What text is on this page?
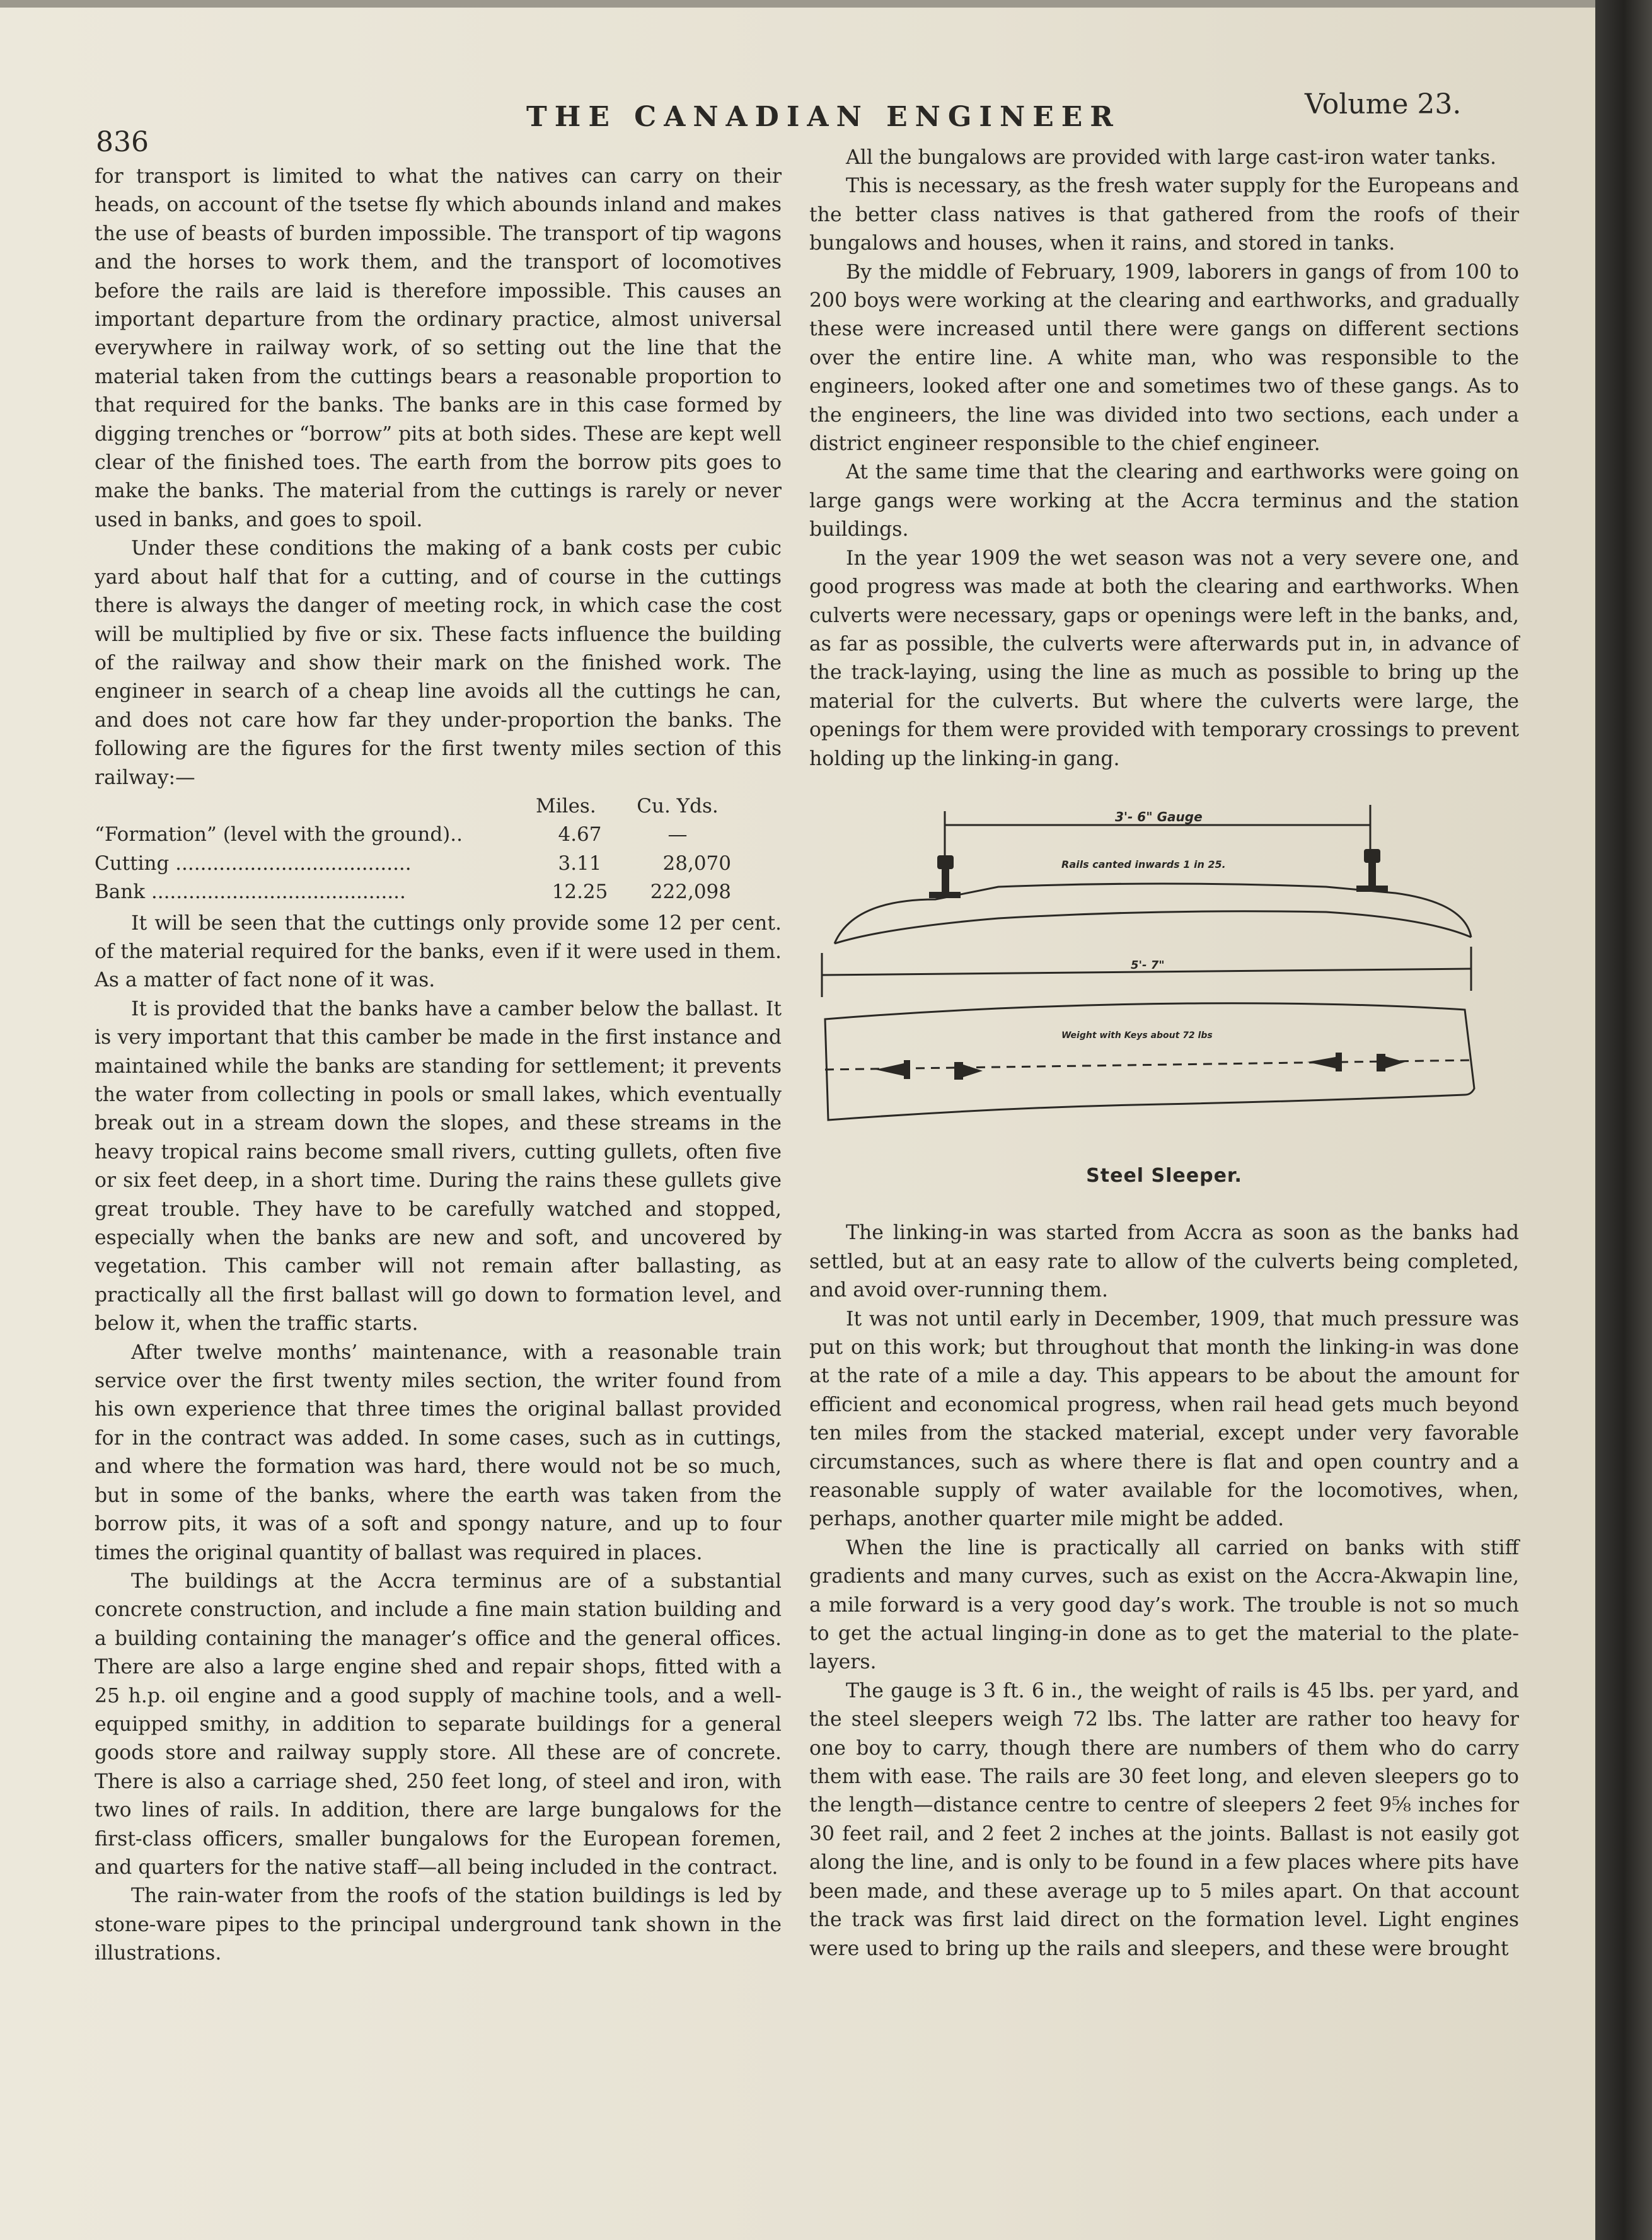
836
THE CANADIAN ENGINEER	Volume 23.

for transport is limited to what the natives can carry on their heads, on account of the tsetse fly which abounds inland and makes the use of beasts of burden impossible. The transport of tip wagons and the horses to work them, and the transport of locomotives before the rails are laid is therefore impossible. This causes an important departure from the ordinary practice, almost universal everywhere in railway work, of so setting out the line that the material taken from the cuttings bears a reasonable proportion to that required for the banks. The banks are in this case formed by digging trenches or “borrow” pits at both sides. These are kept well clear of the finished toes. The earth from the borrow pits goes to make the banks. The material from the cuttings is rarely or never used in banks, and goes to spoil.

Under these conditions the making of a bank costs per cubic yard about half that for a cutting, and of course in the cuttings there is always the danger of meeting rock, in which case the cost will be multiplied by five or six. These facts influence the building of the railway and show their mark on the finished work. The engineer in search of a cheap line avoids all the cuttings he can, and does not care how far they under-proportion the banks. The following are the figures for the first twenty miles section of this railway:—

	Miles.	Cu. Yds.
“Formation” (level with the ground)..	4.67	—
Cutting ......................................	3.11	28,070
Bank .........................................	12.25	222,098

It will be seen that the cuttings only provide some 12 per cent. of the material required for the banks, even if it were used in them. As a matter of fact none of it was.

It is provided that the banks have a camber below the ballast. It is very important that this camber be made in the first instance and maintained while the banks are standing for settlement; it prevents the water from collecting in pools or small lakes, which eventually break out in a stream down the slopes, and these streams in the heavy tropical rains become small rivers, cutting gullets, often five or six feet deep, in a short time. During the rains these gullets give great trouble. They have to be carefully watched and stopped, especially when the banks are new and soft, and uncovered by vegetation. This camber will not remain after ballasting, as practically all the first ballast will go down to formation level, and below it, when the traffic starts.

After twelve months’ maintenance, with a reasonable train service over the first twenty miles section, the writer found from his own experience that three times the original ballast provided for in the contract was added. In some cases, such as in cuttings, and where the formation was hard, there would not be so much, but in some of the banks, where the earth was taken from the borrow pits, it was of a soft and spongy nature, and up to four times the original quantity of ballast was required in places.

The buildings at the Accra terminus are of a substantial concrete construction, and include a fine main station building and a building containing the manager’s office and the general offices. There are also a large engine shed and repair shops, fitted with a 25 h.p. oil engine and a good supply of machine tools, and a well-equipped smithy, in addition to separate buildings for a general goods store and railway supply store. All these are of concrete. There is also a carriage shed, 250 feet long, of steel and iron, with two lines of rails. In addition, there are large bungalows for the first-class officers, smaller bungalows for the European foremen, and quarters for the native staff—all being included in the contract.

The rain-water from the roofs of the station buildings is led by stone-ware pipes to the principal underground tank shown in the illustrations.

All the bungalows are provided with large cast-iron water tanks.

This is necessary, as the fresh water supply for the Europeans and the better class natives is that gathered from the roofs of their bungalows and houses, when it rains, and stored in tanks.

By the middle of February, 1909, laborers in gangs of from 100 to 200 boys were working at the clearing and earthworks, and gradually these were increased until there were gangs on different sections over the entire line. A white man, who was responsible to the engineers, looked after one and sometimes two of these gangs. As to the engineers, the line was divided into two sections, each under a district engineer responsible to the chief engineer.

At the same time that the clearing and earthworks were going on large gangs were working at the Accra terminus and the station buildings.

In the year 1909 the wet season was not a very severe one, and good progress was made at both the clearing and earthworks. When culverts were necessary, gaps or openings were left in the banks, and, as far as possible, the culverts were afterwards put in, in advance of the track-laying, using the line as much as possible to bring up the material for the culverts. But where the culverts were large, the openings for them were provided with temporary crossings to prevent holding up the linking-in gang.

3'- 6" Gauge
Rails canted inwards 1 in 25.
5'- 7"
Weight with Keys about 72 lbs
Steel Sleeper.

The linking-in was started from Accra as soon as the banks had settled, but at an easy rate to allow of the culverts being completed, and avoid over-running them.

It was not until early in December, 1909, that much pressure was put on this work; but throughout that month the linking-in was done at the rate of a mile a day. This appears to be about the amount for efficient and economical progress, when rail head gets much beyond ten miles from the stacked material, except under very favorable circumstances, such as where there is flat and open country and a reasonable supply of water available for the locomotives, when, perhaps, another quarter mile might be added.

When the line is practically all carried on banks with stiff gradients and many curves, such as exist on the Accra-Akwapin line, a mile forward is a very good day’s work. The trouble is not so much to get the actual linging-in done as to get the material to the plate-layers.

The gauge is 3 ft. 6 in., the weight of rails is 45 lbs. per yard, and the steel sleepers weigh 72 lbs. The latter are rather too heavy for one boy to carry, though there are numbers of them who do carry them with ease. The rails are 30 feet long, and eleven sleepers go to the length—distance centre to centre of sleepers 2 feet 9⅝ inches for 30 feet rail, and 2 feet 2 inches at the joints. Ballast is not easily got along the line, and is only to be found in a few places where pits have been made, and these average up to 5 miles apart. On that account the track was first laid direct on the formation level. Light engines were used to bring up the rails and sleepers, and these were brought
